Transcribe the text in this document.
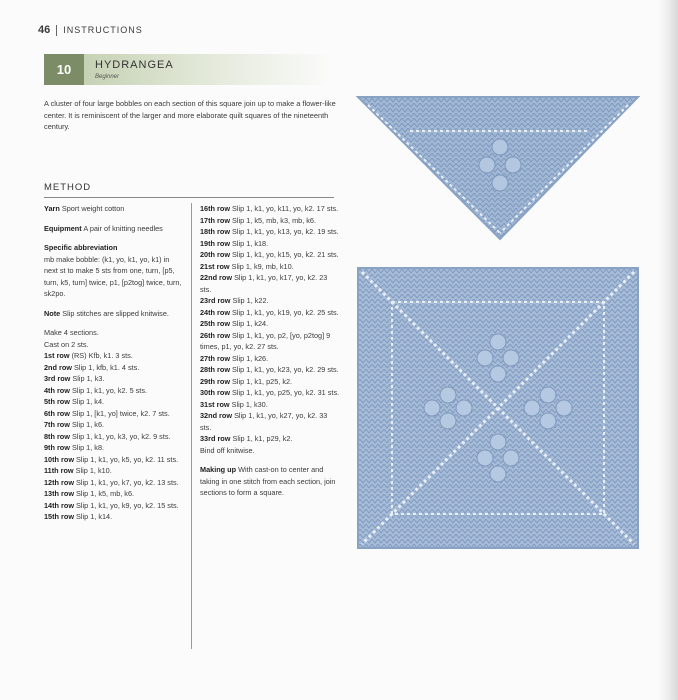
46 INSTRUCTIONS
10	HYDRANGEA
Beginner

A cluster of four large bobbles on each section of this square join up to make a flower-like center. It is reminiscent of the larger and more elaborate quilt squares of the nineteenth century.

METHOD

Yarn Sport weight cotton

Equipment A pair of knitting needles

Specific abbreviation

mb make bobble: (k1, yo, k1, yo, k1) in next st to make 5 sts from one, turn, [p5, turn, k5, turn] twice, p1, [p2tog] twice, turn, sk2po.

Note Slip stitches are slipped knitwise.

Make 4 sections.

Cast on 2 sts.

1st row (RS) Kfb, k1. 3 sts.

2nd row Slip 1, kfb, k1. 4 sts.

3rd row Slip 1, k3.

4th row Slip 1, k1, yo, k2. 5 sts.

5th row Slip 1, k4.

6th row Slip 1, [k1, yo] twice, k2. 7 sts.

7th row Slip 1, k6.

8th row Slip 1, k1, yo, k3, yo, k2. 9 sts.

9th row Slip 1, k8.

10th row Slip 1, k1, yo, k5, yo, k2. 11 sts.

11th row Slip 1, k10.

12th row Slip 1, k1, yo, k7, yo, k2. 13 sts.

13th row Slip 1, k5, mb, k6.

14th row Slip 1, k1, yo, k9, yo, k2. 15 sts.

15th row Slip 1, k14.

16th row Slip 1, k1, yo, k11, yo, k2. 17 sts.

17th row Slip 1, k5, mb, k3, mb, k6.

18th row Slip 1, k1, yo, k13, yo, k2. 19 sts.

19th row Slip 1, k18.

20th row Slip 1, k1, yo, k15, yo, k2. 21 sts.

21st row Slip 1, k9, mb, k10.

22nd row Slip 1, k1, yo, k17, yo, k2. 23 sts.

23rd row Slip 1, k22.

24th row Slip 1, k1, yo, k19, yo, k2. 25 sts.

25th row Slip 1, k24.

26th row Slip 1, k1, yo, p2, [yo, p2tog] 9 times, p1, yo, k2. 27 sts.

27th row Slip 1, k26.

28th row Slip 1, k1, yo, k23, yo, k2. 29 sts.

29th row Slip 1, k1, p25, k2.

30th row Slip 1, k1, yo, p25, yo, k2. 31 sts.

31st row Slip 1, k30.

32nd row Slip 1, k1, yo, k27, yo, k2. 33 sts.

33rd row Slip 1, k1, p29, k2.

Bind off knitwise.

Making up With cast-on to center and taking in one stitch from each section, join sections to form a square.
